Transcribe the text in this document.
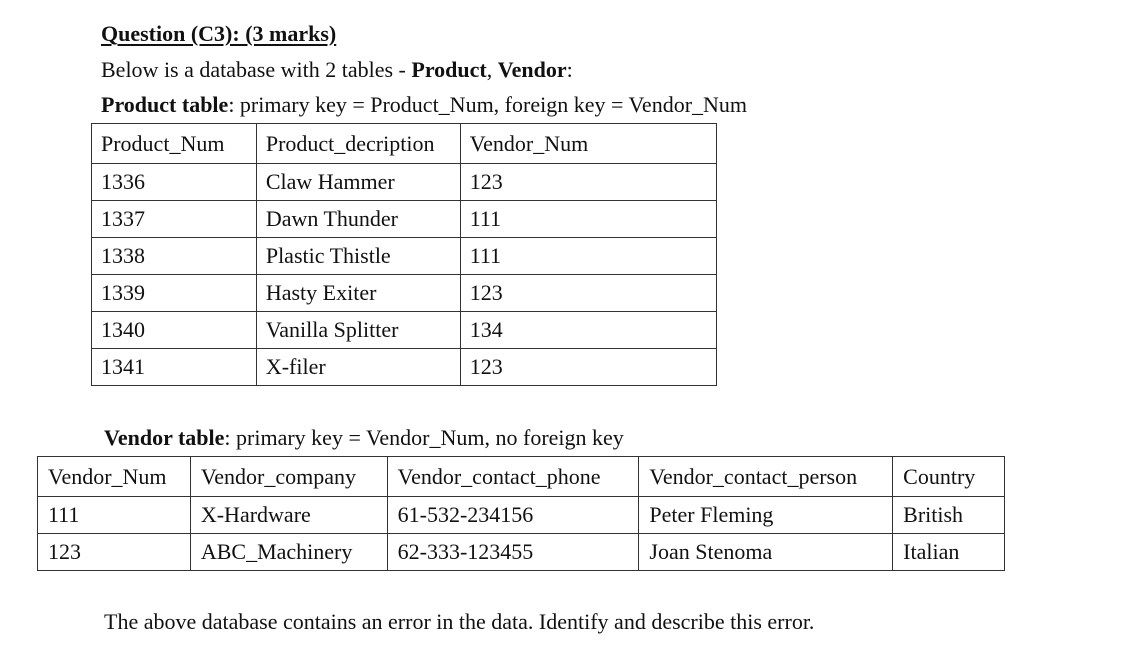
Question (C3): (3 marks)
Below is a database with 2 tables - Product, Vendor:
Product table: primary key = Product_Num, foreign key = Vendor_Num
Product_Num	Product_decription	Vendor_Num
1336	Claw Hammer	123
1337	Dawn Thunder	111
1338	Plastic Thistle	111
1339	Hasty Exiter	123
1340	Vanilla Splitter	134
1341	X-filer	123
Vendor table: primary key = Vendor_Num, no foreign key
Vendor_Num	Vendor_company	Vendor_contact_phone	Vendor_contact_person	Country
111	X-Hardware	61-532-234156	Peter Fleming	British
123	ABC_Machinery	62-333-123455	Joan Stenoma	Italian
The above database contains an error in the data. Identify and describe this error.
